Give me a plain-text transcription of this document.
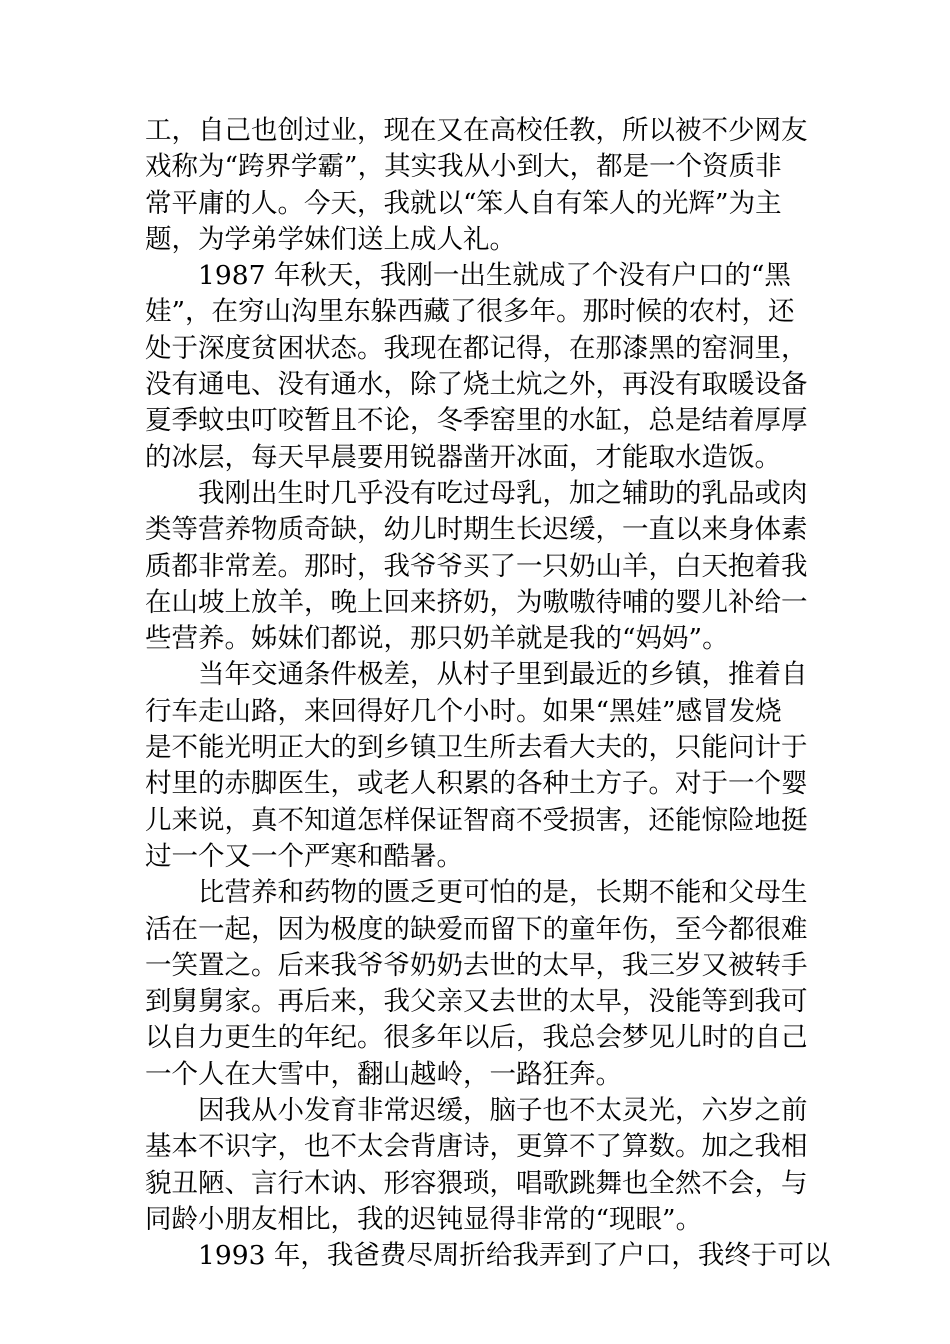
工，自己也创过业，现在又在高校任教，所以被不少网友
戏称为“跨界学霸”，其实我从小到大，都是一个资质非
常平庸的人。今天，我就以“笨人自有笨人的光辉”为主
题，为学弟学妹们送上成人礼。
　　1987 年秋天，我刚一出生就成了个没有户口的“黑
娃”，在穷山沟里东躲西藏了很多年。那时候的农村，还
处于深度贫困状态。我现在都记得，在那漆黑的窑洞里，
没有通电、没有通水，除了烧土炕之外，再没有取暖设备
夏季蚊虫叮咬暂且不论，冬季窑里的水缸，总是结着厚厚
的冰层，每天早晨要用锐器凿开冰面，才能取水造饭。
　　我刚出生时几乎没有吃过母乳，加之辅助的乳品或肉
类等营养物质奇缺，幼儿时期生长迟缓，一直以来身体素
质都非常差。那时，我爷爷买了一只奶山羊，白天抱着我
在山坡上放羊，晚上回来挤奶，为嗷嗷待哺的婴儿补给一
些营养。姊妹们都说，那只奶羊就是我的“妈妈”。
　　当年交通条件极差，从村子里到最近的乡镇，推着自
行车走山路，来回得好几个小时。如果“黑娃”感冒发烧
是不能光明正大的到乡镇卫生所去看大夫的，只能问计于
村里的赤脚医生，或老人积累的各种土方子。对于一个婴
儿来说，真不知道怎样保证智商不受损害，还能惊险地挺
过一个又一个严寒和酷暑。
　　比营养和药物的匮乏更可怕的是，长期不能和父母生
活在一起，因为极度的缺爱而留下的童年伤，至今都很难
一笑置之。后来我爷爷奶奶去世的太早，我三岁又被转手
到舅舅家。再后来，我父亲又去世的太早，没能等到我可
以自力更生的年纪。很多年以后，我总会梦见儿时的自己
一个人在大雪中，翻山越岭，一路狂奔。
　　因我从小发育非常迟缓，脑子也不太灵光，六岁之前
基本不识字，也不太会背唐诗，更算不了算数。加之我相
貌丑陋、言行木讷、形容猥琐，唱歌跳舞也全然不会，与
同龄小朋友相比，我的迟钝显得非常的“现眼”。
　　1993 年，我爸费尽周折给我弄到了户口，我终于可以
